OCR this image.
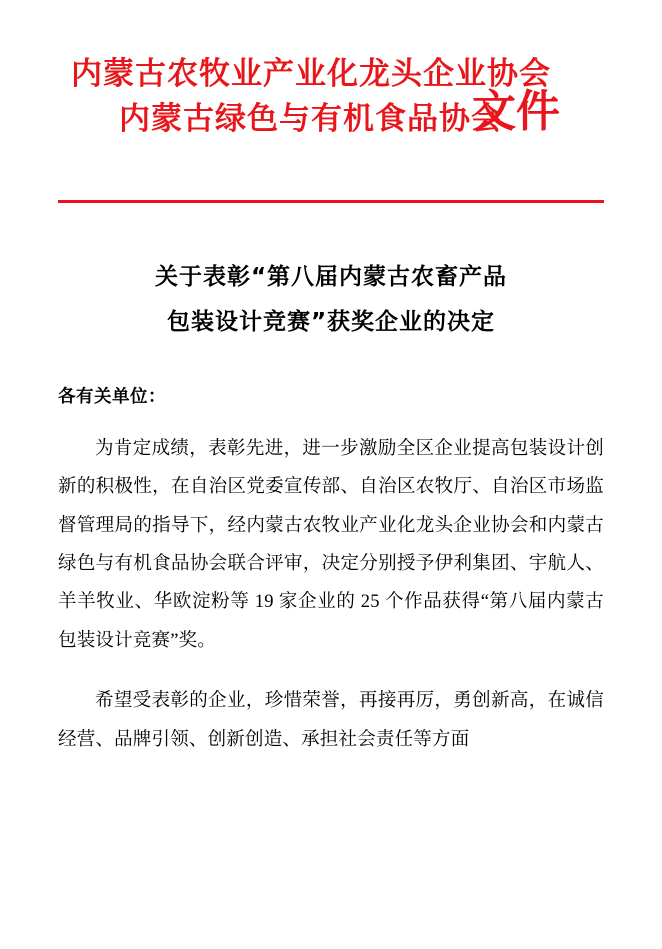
内蒙古农牧业产业化龙头企业协会
内蒙古绿色与有机食品协会
文件
关于表彰“第八届内蒙古农畜产品
包装设计竞赛”获奖企业的决定
各有关单位：
为肯定成绩，表彰先进，进一步激励全区企业提高包装设计创新的积极性，在自治区党委宣传部、自治区农牧厅、自治区市场监督管理局的指导下，经内蒙古农牧业产业化龙头企业协会和内蒙古绿色与有机食品协会联合评审，决定分别授予伊利集团、宇航人、羊羊牧业、华欧淀粉等 19 家企业的 25 个作品获得“第八届内蒙古包装设计竞赛”奖。
希望受表彰的企业，珍惜荣誉，再接再厉，勇创新高，在诚信经营、品牌引领、创新创造、承担社会责任等方面
